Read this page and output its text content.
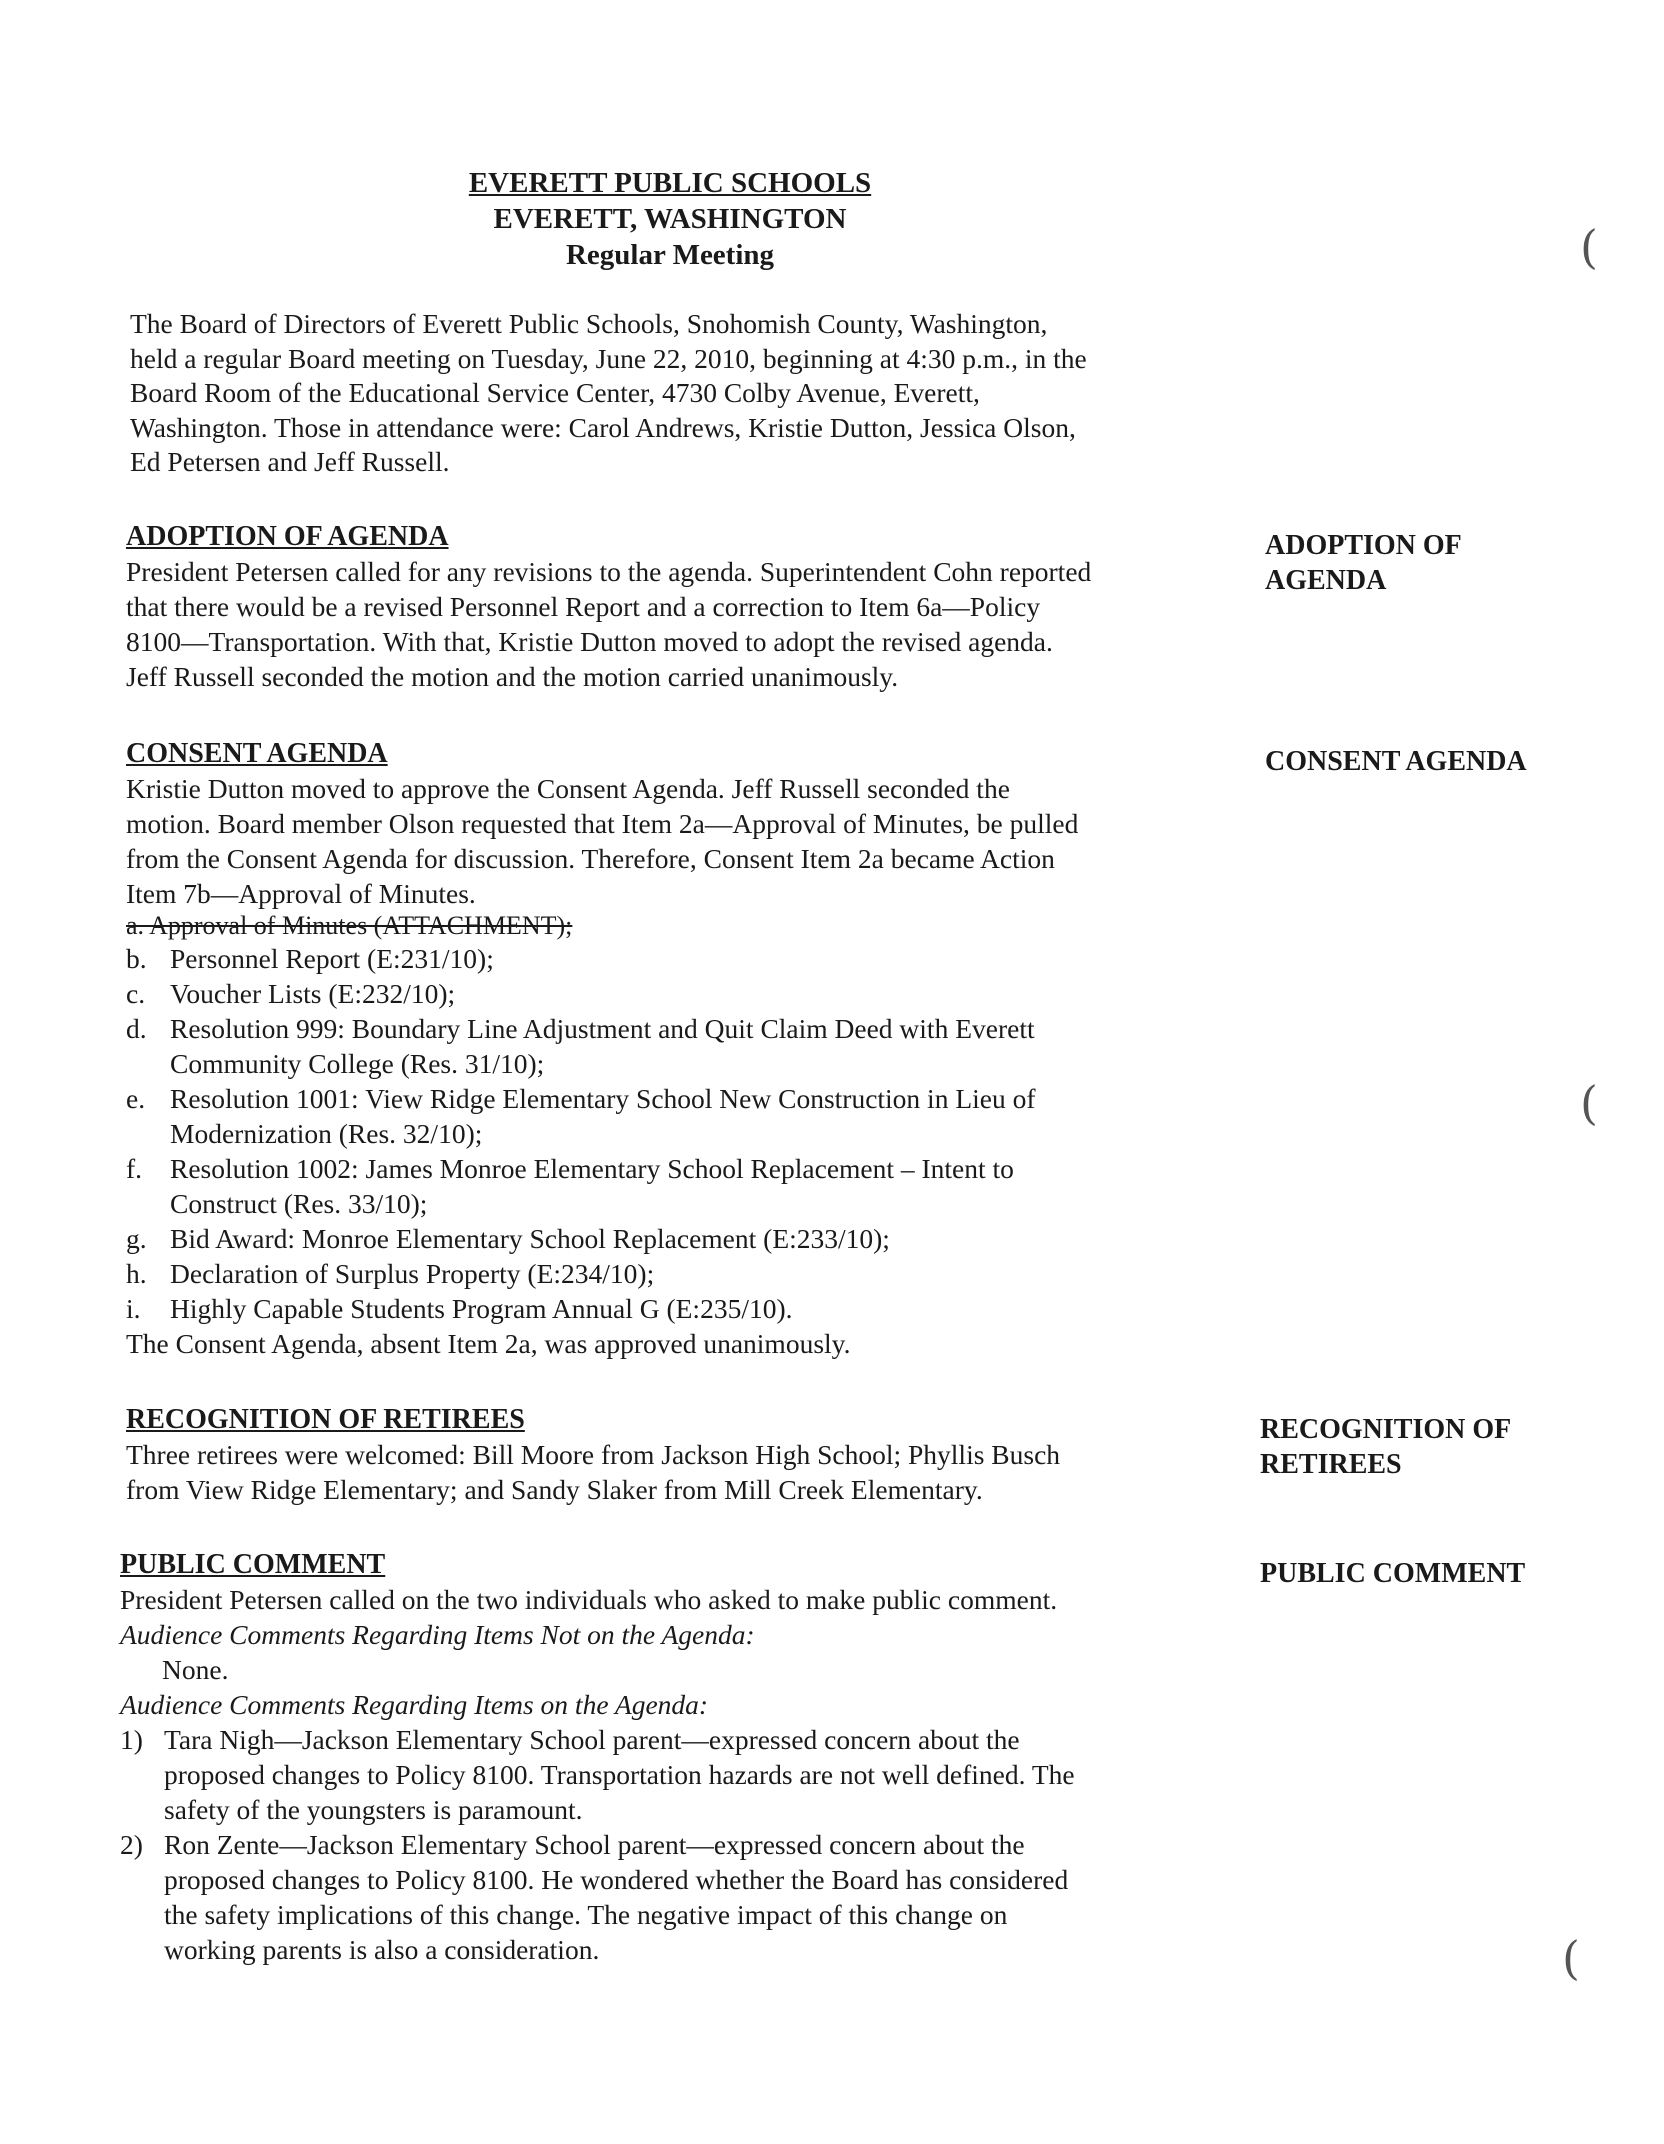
EVERETT PUBLIC SCHOOLS
EVERETT, WASHINGTON
Regular Meeting
The Board of Directors of Everett Public Schools, Snohomish County, Washington,
held a regular Board meeting on Tuesday, June 22, 2010, beginning at 4:30 p.m., in the
Board Room of the Educational Service Center, 4730 Colby Avenue, Everett,
Washington. Those in attendance were: Carol Andrews, Kristie Dutton, Jessica Olson,
Ed Petersen and Jeff Russell.
ADOPTION OF AGENDA
President Petersen called for any revisions to the agenda. Superintendent Cohn reported
that there would be a revised Personnel Report and a correction to Item 6a—Policy
8100—Transportation. With that, Kristie Dutton moved to adopt the revised agenda.
Jeff Russell seconded the motion and the motion carried unanimously.
ADOPTION OF
AGENDA
CONSENT AGENDA
Kristie Dutton moved to approve the Consent Agenda. Jeff Russell seconded the
motion. Board member Olson requested that Item 2a—Approval of Minutes, be pulled
from the Consent Agenda for discussion. Therefore, Consent Item 2a became Action
Item 7b—Approval of Minutes.
a. Approval of Minutes (ATTACHMENT);
b. Personnel Report (E:231/10);
c. Voucher Lists (E:232/10);
d. Resolution 999: Boundary Line Adjustment and Quit Claim Deed with Everett
Community College (Res. 31/10);
e. Resolution 1001: View Ridge Elementary School New Construction in Lieu of
Modernization (Res. 32/10);
f. Resolution 1002: James Monroe Elementary School Replacement – Intent to
Construct (Res. 33/10);
g. Bid Award: Monroe Elementary School Replacement (E:233/10);
h. Declaration of Surplus Property (E:234/10);
i. Highly Capable Students Program Annual G (E:235/10).
The Consent Agenda, absent Item 2a, was approved unanimously.
CONSENT AGENDA
RECOGNITION OF RETIREES
Three retirees were welcomed: Bill Moore from Jackson High School; Phyllis Busch
from View Ridge Elementary; and Sandy Slaker from Mill Creek Elementary.
RECOGNITION OF
RETIREES
PUBLIC COMMENT
President Petersen called on the two individuals who asked to make public comment.
Audience Comments Regarding Items Not on the Agenda:
None.
Audience Comments Regarding Items on the Agenda:
1) Tara Nigh—Jackson Elementary School parent—expressed concern about the
proposed changes to Policy 8100. Transportation hazards are not well defined. The
safety of the youngsters is paramount.
2) Ron Zente—Jackson Elementary School parent—expressed concern about the
proposed changes to Policy 8100. He wondered whether the Board has considered
the safety implications of this change. The negative impact of this change on
working parents is also a consideration.
PUBLIC COMMENT
(
(
(
